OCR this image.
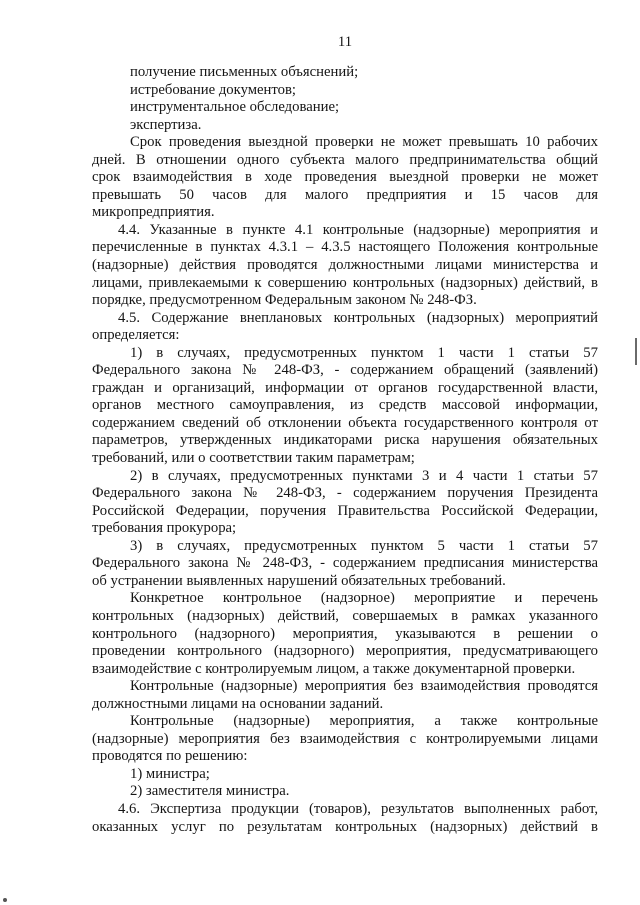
11
получение письменных объяснений;
истребование документов;
инструментальное обследование;
экспертиза.
Срок проведения выездной проверки не может превышать 10 рабочих
дней. В отношении одного субъекта малого предпринимательства общий
срок взаимодействия в ходе проведения выездной проверки не может
превышать 50 часов для малого предприятия и 15 часов для
микропредприятия.
4.4. Указанные в пункте 4.1 контрольные (надзорные) мероприятия и
перечисленные в пунктах 4.3.1 – 4.3.5 настоящего Положения контрольные
(надзорные) действия проводятся должностными лицами министерства и
лицами, привлекаемыми к совершению контрольных (надзорных) действий, в
порядке, предусмотренном Федеральным законом № 248-ФЗ.
4.5. Содержание внеплановых контрольных (надзорных) мероприятий
определяется:
1) в случаях, предусмотренных пунктом 1 части 1 статьи 57
Федерального закона № 248-ФЗ, - содержанием обращений (заявлений)
граждан и организаций, информации от органов государственной власти,
органов местного самоуправления, из средств массовой информации,
содержанием сведений об отклонении объекта государственного контроля от
параметров, утвержденных индикаторами риска нарушения обязательных
требований, или о соответствии таким параметрам;
2) в случаях, предусмотренных пунктами 3 и 4 части 1 статьи 57
Федерального закона № 248-ФЗ, - содержанием поручения Президента
Российской Федерации, поручения Правительства Российской Федерации,
требования прокурора;
3) в случаях, предусмотренных пунктом 5 части 1 статьи 57
Федерального закона № 248-ФЗ, - содержанием предписания министерства
об устранении выявленных нарушений обязательных требований.
Конкретное контрольное (надзорное) мероприятие и перечень
контрольных (надзорных) действий, совершаемых в рамках указанного
контрольного (надзорного) мероприятия, указываются в решении о
проведении контрольного (надзорного) мероприятия, предусматривающего
взаимодействие с контролируемым лицом, а также документарной проверки.
Контрольные (надзорные) мероприятия без взаимодействия проводятся
должностными лицами на основании заданий.
Контрольные (надзорные) мероприятия, а также контрольные
(надзорные) мероприятия без взаимодействия с контролируемыми лицами
проводятся по решению:
1) министра;
2) заместителя министра.
4.6. Экспертиза продукции (товаров), результатов выполненных работ,
оказанных услуг по результатам контрольных (надзорных) действий в
